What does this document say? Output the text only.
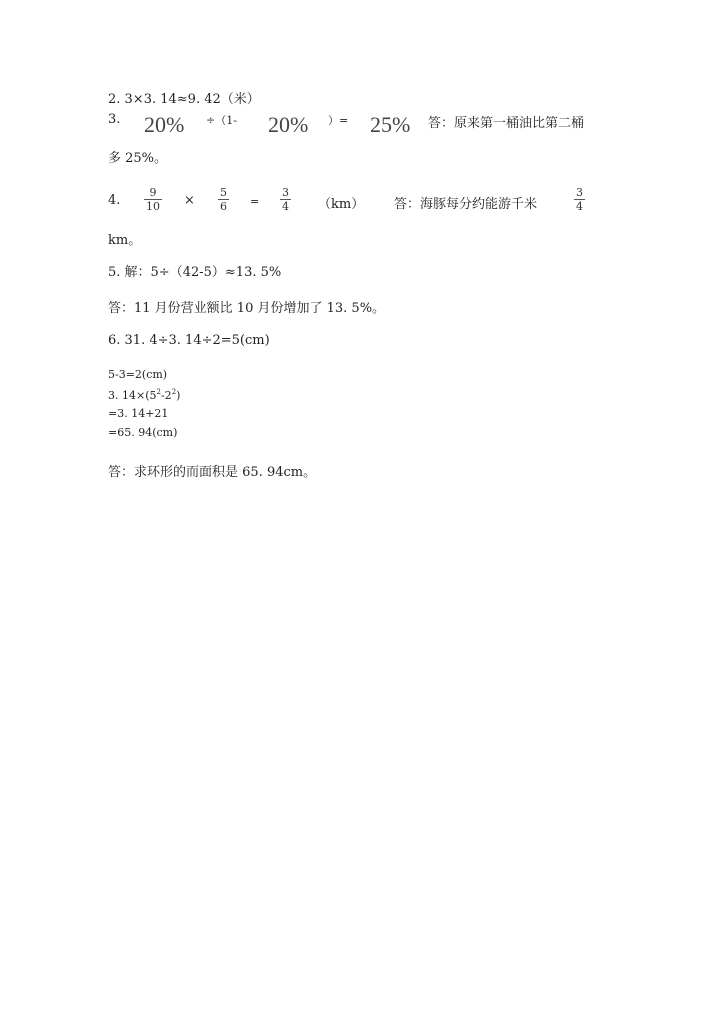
2. 3×3. 14≈9. 42（米）
3. 20% ÷（1- 20% ）= 25% 答：原来第一桶油比第二桶
多 25%。
4.
9
10 ×
5
6 =
3
4 （km） 答：海豚每分约能游千米
3
4
km。
5. 解：5÷（42-5）≈13. 5%
答：11 月份营业额比 10 月份增加了 13. 5%。
6. 31. 4÷3. 14÷2=5(cm)
5-3=2(cm)
3. $14\times(5^2-2^2)$
=3. 14+21
=65. 94(cm)
答：求环形的而面积是 65. 94cm。
